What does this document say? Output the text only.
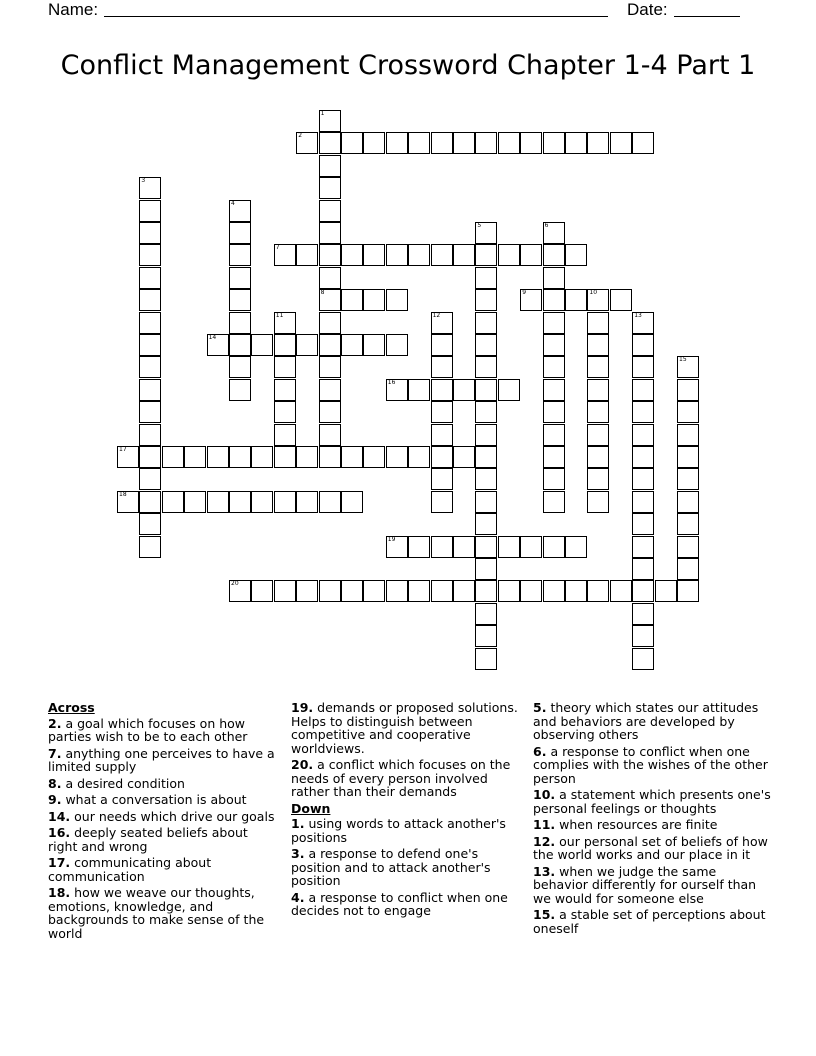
Name:	Date:
Conflict Management Crossword Chapter 1-4 Part 1
1
8
2
3
4
5	6
7
9	10
11	12	13
14
15
16
17
18
19
20
Across
2. a goal which focuses on how parties wish to be to each other
7. anything one perceives to have a limited supply
8. a desired condition
9. what a conversation is about
14. our needs which drive our goals
16. deeply seated beliefs about right and wrong
17. communicating about communication
18. how we weave our thoughts, emotions, knowledge, and backgrounds to make sense of the world
19. demands or proposed solutions. Helps to distinguish between competitive and cooperative worldviews.
20. a conflict which focuses on the needs of every person involved rather than their demands
Down
1. using words to attack another's positions
3. a response to defend one's position and to attack another's position
4. a response to conflict when one decides not to engage
5. theory which states our attitudes and behaviors are developed by observing others
6. a response to conflict when one complies with the wishes of the other person
10. a statement which presents one's personal feelings or thoughts
11. when resources are finite
12. our personal set of beliefs of how the world works and our place in it
13. when we judge the same behavior differently for ourself than we would for someone else
15. a stable set of perceptions about oneself
